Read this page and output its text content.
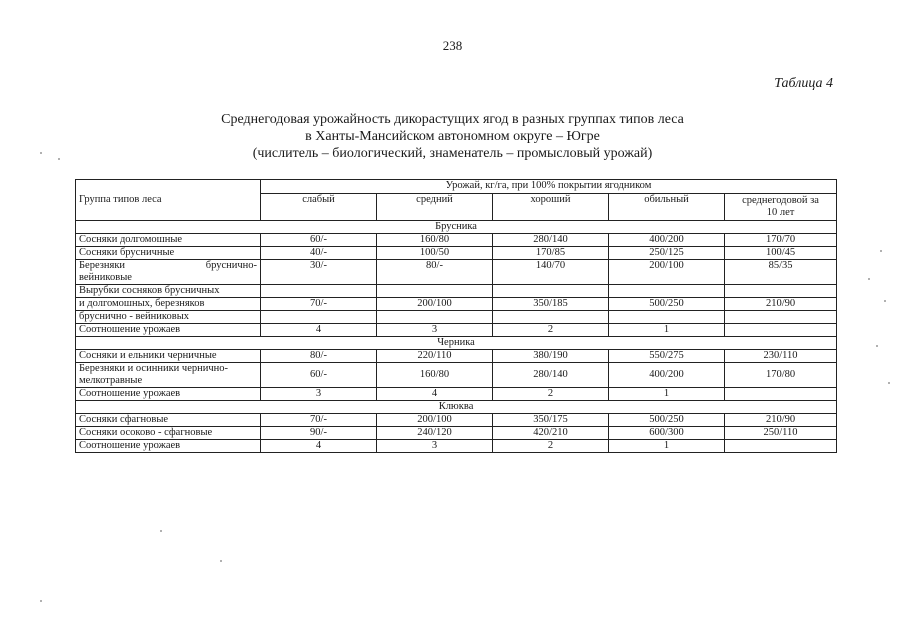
238
Таблица 4
Среднегодовая урожайность дикорастущих ягод в разных группах типов леса
в Ханты-Мансийском автономном округе – Югре
(числитель – биологический, знаменатель – промысловый урожай)
Группа типов леса	Урожай, кг/га, при 100% покрытии ягодником				
	слабый	средний	хороший	обильный	среднегодовой за 10 лет
Брусника					
Сосняки долгомошные	60/-	160/80	280/140	400/200	170/70
Сосняки брусничные	40/-	100/50	170/85	250/125	100/45

Березняки бруснично-
вейниковые	30/-	80/-	140/70	200/100	85/35
Вырубки сосняков брусничных					
и долгомошных, березняков	70/-	200/100	350/185	500/250	210/90
бруснично - вейниковых					
Соотношение урожаев	4	3	2	1	
Черника					
Сосняки и ельники черничные	80/-	220/110	380/190	550/275	230/110

Березняки и осинники чернично-
мелкотравные	60/-	160/80	280/140	400/200	170/80
Соотношение урожаев	3	4	2	1	
Клюква					
Сосняки сфагновые	70/-	200/100	350/175	500/250	210/90
Сосняки осоково - сфагновые	90/-	240/120	420/210	600/300	250/110
Соотношение урожаев	4	3	2	1	
